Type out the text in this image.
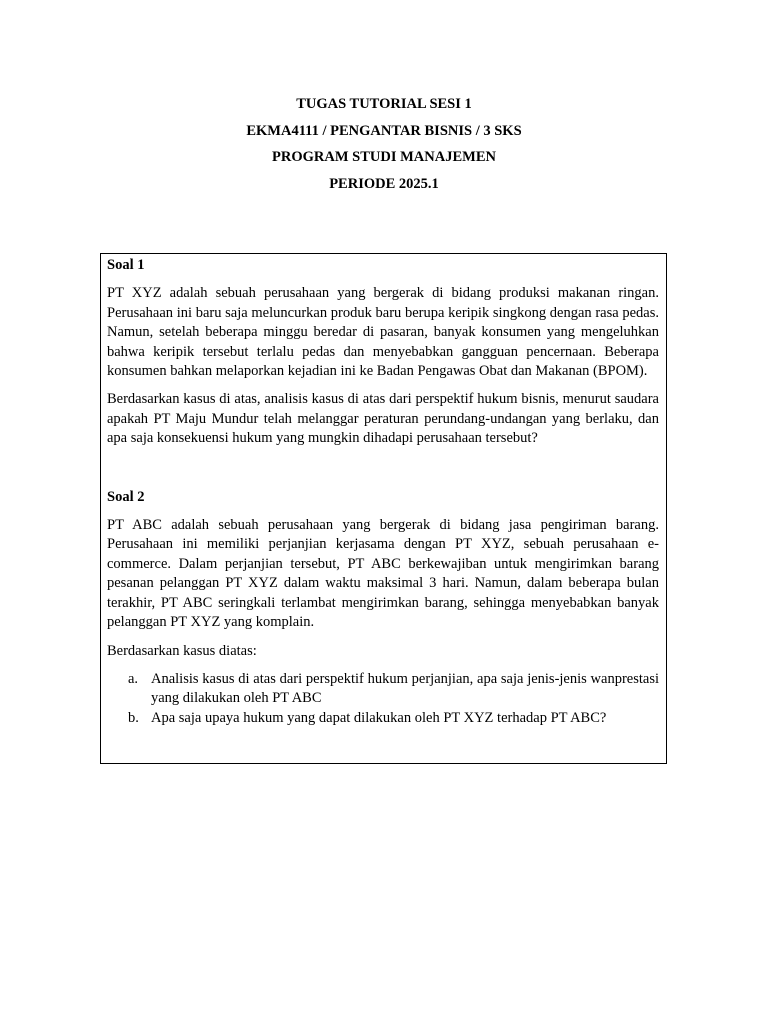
TUGAS TUTORIAL SESI 1
EKMA4111 / PENGANTAR BISNIS / 3 SKS
PROGRAM STUDI MANAJEMEN
PERIODE 2025.1

Soal 1

PT XYZ adalah sebuah perusahaan yang bergerak di bidang produksi makanan ringan. Perusahaan ini baru saja meluncurkan produk baru berupa keripik singkong dengan rasa pedas. Namun, setelah beberapa minggu beredar di pasaran, banyak konsumen yang mengeluhkan bahwa keripik tersebut terlalu pedas dan menyebabkan gangguan pencernaan. Beberapa konsumen bahkan melaporkan kejadian ini ke Badan Pengawas Obat dan Makanan (BPOM).

Berdasarkan kasus di atas, analisis kasus di atas dari perspektif hukum bisnis, menurut saudara apakah PT Maju Mundur telah melanggar peraturan perundang-undangan yang berlaku, dan apa saja konsekuensi hukum yang mungkin dihadapi perusahaan tersebut?

Soal 2

PT ABC adalah sebuah perusahaan yang bergerak di bidang jasa pengiriman barang. Perusahaan ini memiliki perjanjian kerjasama dengan PT XYZ, sebuah perusahaan e-commerce. Dalam perjanjian tersebut, PT ABC berkewajiban untuk mengirimkan barang pesanan pelanggan PT XYZ dalam waktu maksimal 3 hari. Namun, dalam beberapa bulan terakhir, PT ABC seringkali terlambat mengirimkan barang, sehingga menyebabkan banyak pelanggan PT XYZ yang komplain.

Berdasarkan kasus diatas:

a. Analisis kasus di atas dari perspektif hukum perjanjian, apa saja jenis-jenis wanprestasi yang dilakukan oleh PT ABC
b. Apa saja upaya hukum yang dapat dilakukan oleh PT XYZ terhadap PT ABC?
